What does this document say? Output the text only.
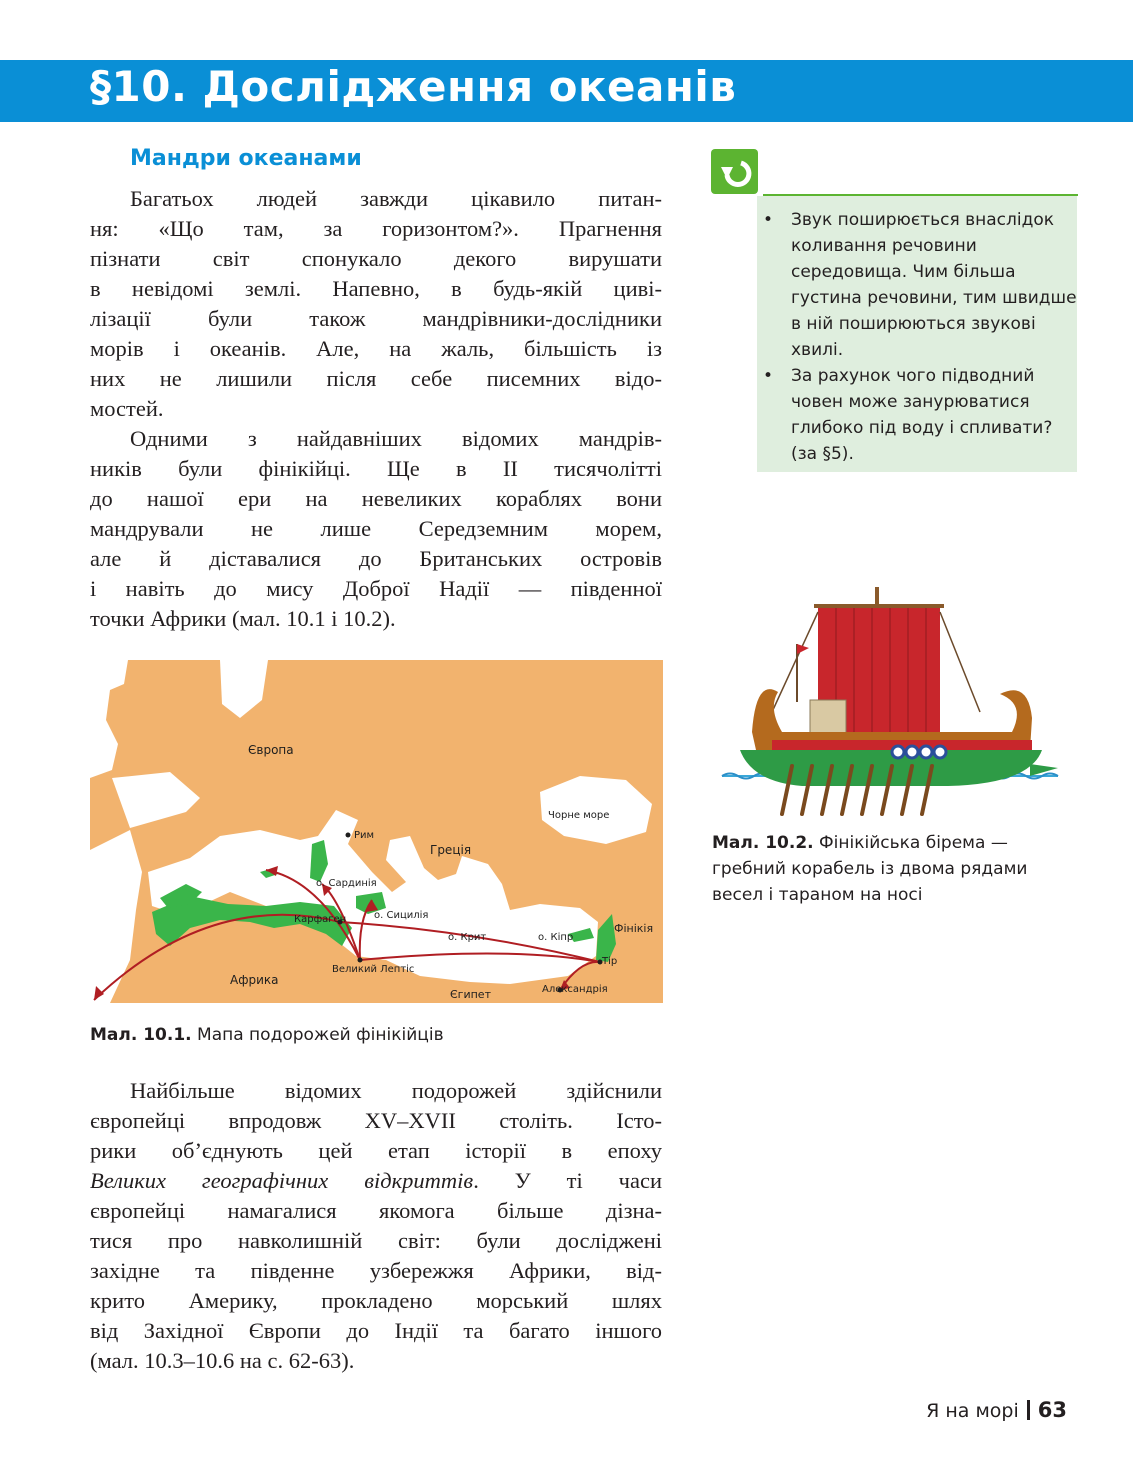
§10. Дослідження океанів
Мандри океанами

Багатьох людей завжди цікавило питан-
ня: «Що там, за горизонтом?». Прагнення
пізнати світ спонукало декого вирушати
в невідомі землі. Напевно, в будь-якій циві-
лізації були також мандрівники-дослідники
морів і океанів. Але, на жаль, більшість із
них не лишили після себе писемних відо-
мостей.

Одними з найдавніших відомих мандрів-
ників були фінікійці. Ще в ІІ тисячолітті
до нашої ери на невеликих кораблях вони
мандрували не лише Середземним морем,
але й діставалися до Британських островів
і навіть до мису Доброї Надії — південної
точки Африки (мал. 10.1 і 10.2).

• Звук поширюється внаслідок коливання речовини середовища. Чим більша густина речовини, тим швидше в ній поширюються звукові хвилі.
• За рахунок чого підводний човен може занурюватися глибоко під воду і спливати? (за §5).
Мал. 10.2. Фінікійська бірема — гребний корабель із двома рядами весел і тараном на носі
Європа
Чорне море
Рим
Греція
о. Сардинія
о. Сицилія
Карфаген
о. Крит	о. Кіпр
Фінікія
Тір
Африка
Великий Лептіс
Єгипет	Александрія
Мал. 10.1. Мапа подорожей фінікійців

Найбільше відомих подорожей здійснили
європейці впродовж XV–XVII століть. Істо-
рики об’єднують цей етап історії в епоху
Великих географічних відкриттів. У ті часи
європейці намагалися якомога більше дізна-
тися про навколишній світ: були досліджені
західне та південне узбережжя Африки, від-
крито Америку, прокладено морський шлях
від Західної Європи до Індії та багато іншого
(мал. 10.3–10.6 на с. 62-63).

Я на морі 63
